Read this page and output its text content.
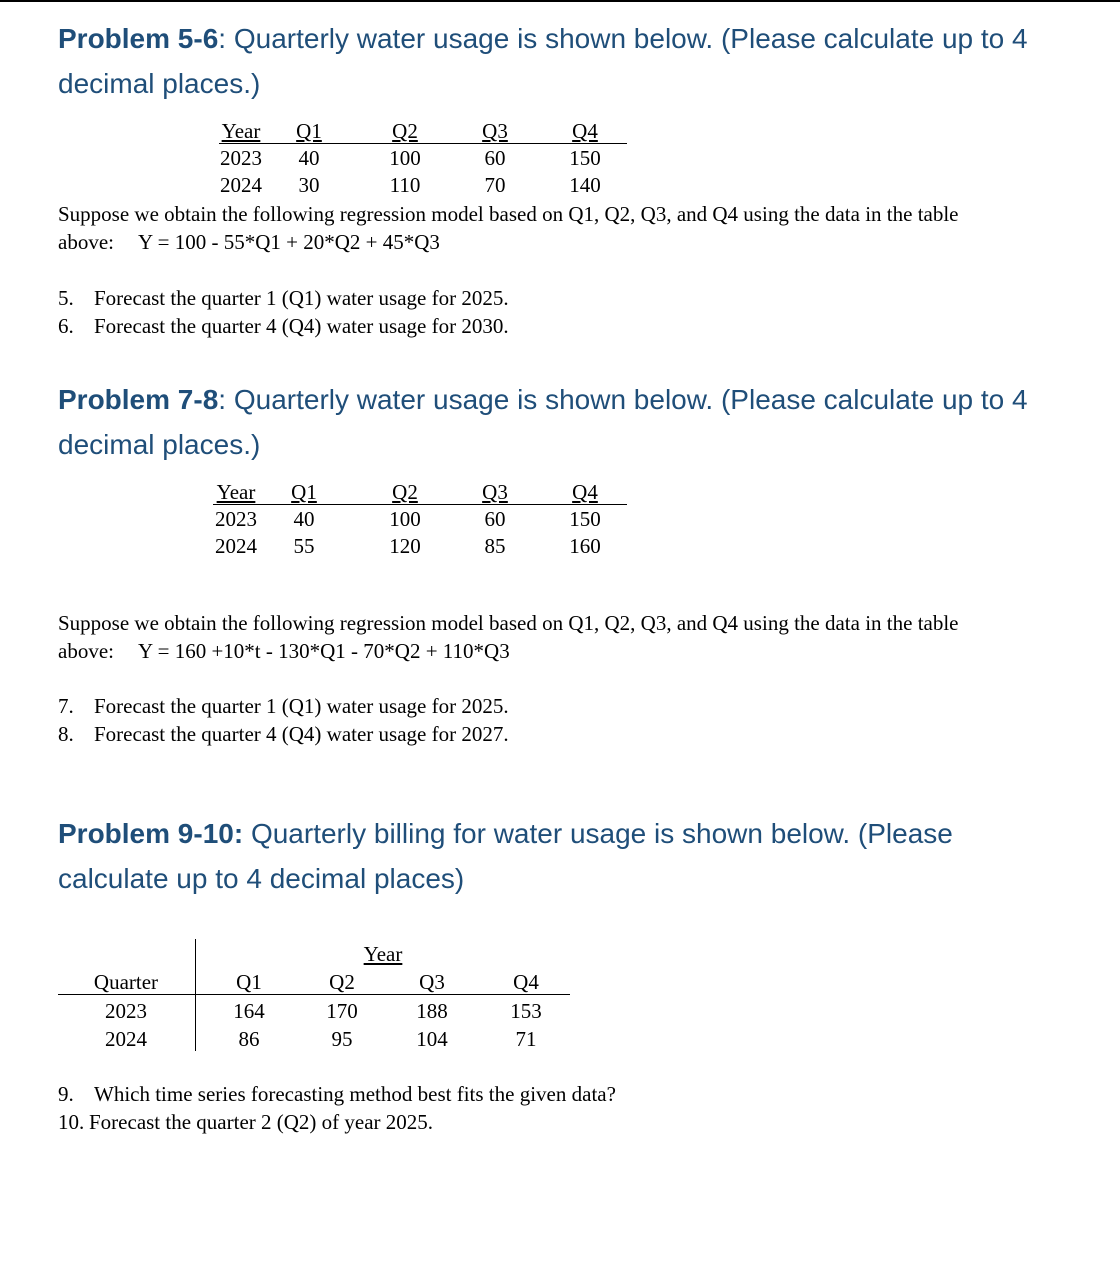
Problem 5-6: Quarterly water usage is shown below. (Please calculate up to 4 decimal places.)
Year	Q1	Q2	Q3	Q4
2023	40	100	60	150
2024	30	110	70	140
Suppose we obtain the following regression model based on Q1, Q2, Q3, and Q4 using the data in the table above: Y = 100 - 55*Q1 + 20*Q2 + 45*Q3
5. Forecast the quarter 1 (Q1) water usage for 2025.
6. Forecast the quarter 4 (Q4) water usage for 2030.
Problem 7-8: Quarterly water usage is shown below. (Please calculate up to 4 decimal places.)
Year	Q1	Q2	Q3	Q4
2023	40	100	60	150
2024	55	120	85	160
Suppose we obtain the following regression model based on Q1, Q2, Q3, and Q4 using the data in the table above: Y = 160 +10*t - 130*Q1 - 70*Q2 + 110*Q3
7. Forecast the quarter 1 (Q1) water usage for 2025.
8. Forecast the quarter 4 (Q4) water usage for 2027.
Problem 9-10: Quarterly billing for water usage is shown below. (Please calculate up to 4 decimal places)
Year
Quarter	Q1	Q2	Q3	Q4
2023	164	170	188	153
2024	86	95	104	71
9. Which time series forecasting method best fits the given data?
10. Forecast the quarter 2 (Q2) of year 2025.
